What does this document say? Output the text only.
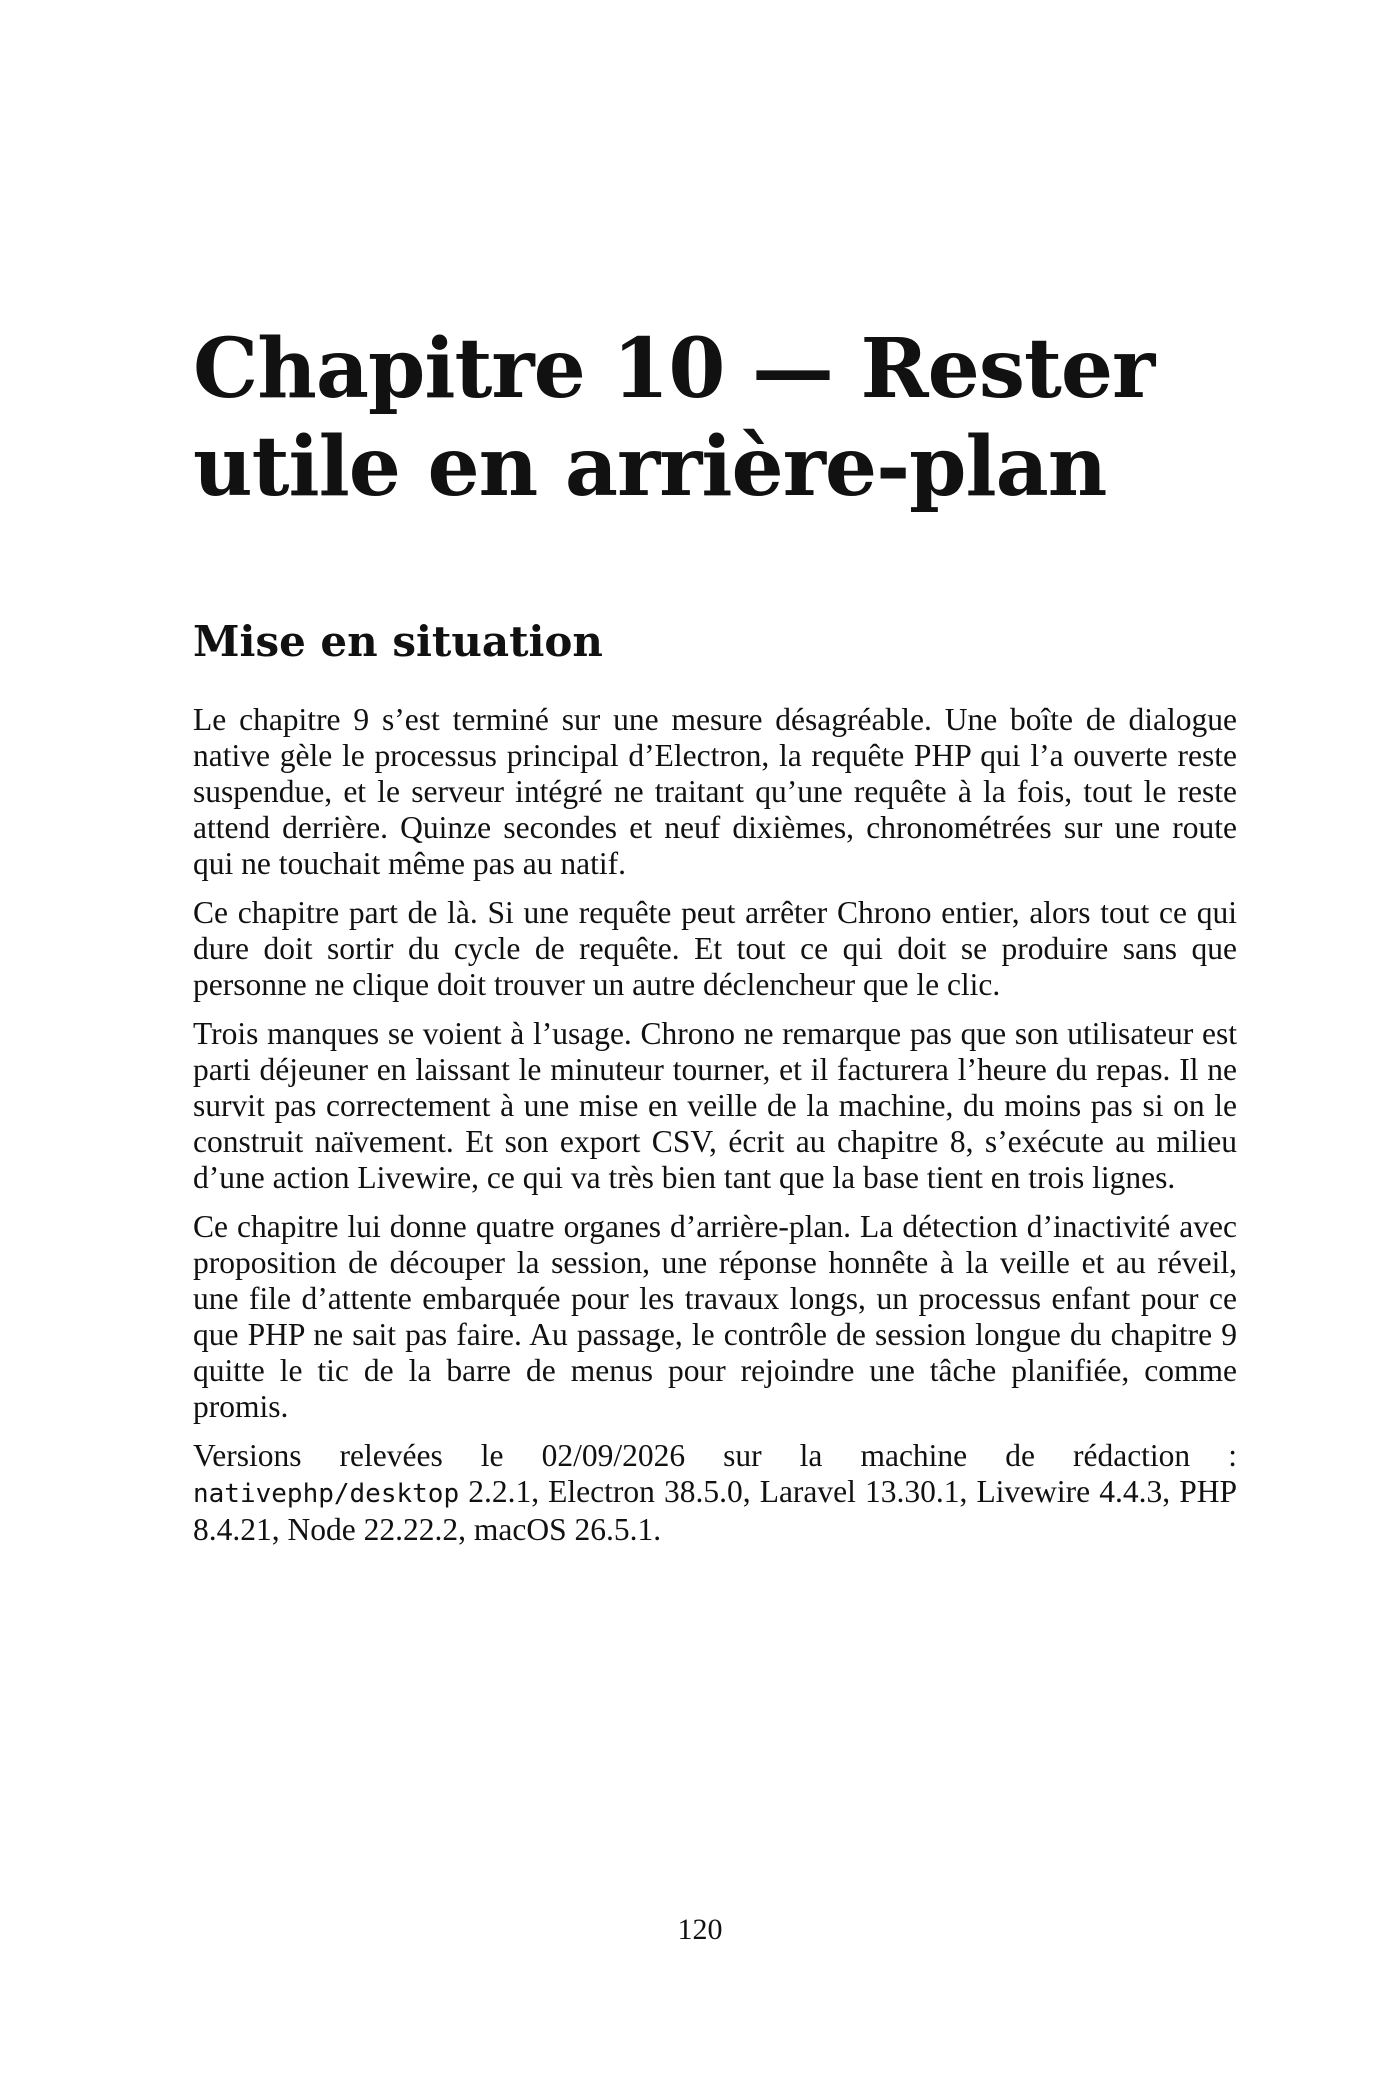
Chapitre 10 — Rester utile en arrière-plan
Mise en situation

Le chapitre 9 s’est terminé sur une mesure désagréable. Une boîte de dialogue native gèle le processus principal d’Electron, la requête PHP qui l’a ouverte reste suspendue, et le serveur intégré ne traitant qu’une requête à la fois, tout le reste attend derrière. Quinze secondes et neuf dixièmes, chronométrées sur une route qui ne touchait même pas au natif.

Ce chapitre part de là. Si une requête peut arrêter Chrono entier, alors tout ce qui dure doit sortir du cycle de requête. Et tout ce qui doit se produire sans que personne ne clique doit trouver un autre déclencheur que le clic.

Trois manques se voient à l’usage. Chrono ne remarque pas que son utilisateur est parti déjeuner en laissant le minuteur tourner, et il facturera l’heure du repas. Il ne survit pas correctement à une mise en veille de la machine, du moins pas si on le construit naïvement. Et son export CSV, écrit au chapitre 8, s’exécute au milieu d’une action Livewire, ce qui va très bien tant que la base tient en trois lignes.

Ce chapitre lui donne quatre organes d’arrière-plan. La détection d’inactivité avec proposition de découper la session, une réponse honnête à la veille et au réveil, une file d’attente embarquée pour les travaux longs, un processus enfant pour ce que PHP ne sait pas faire. Au passage, le contrôle de session longue du chapitre 9 quitte le tic de la barre de menus pour rejoindre une tâche planifiée, comme promis.

Versions relevées le 02/09/2026 sur la machine de rédaction : nativephp/desktop 2.2.1, Electron 38.5.0, Laravel 13.30.1, Livewire 4.4.3, PHP 8.4.21, Node 22.22.2, macOS 26.5.1.

120
